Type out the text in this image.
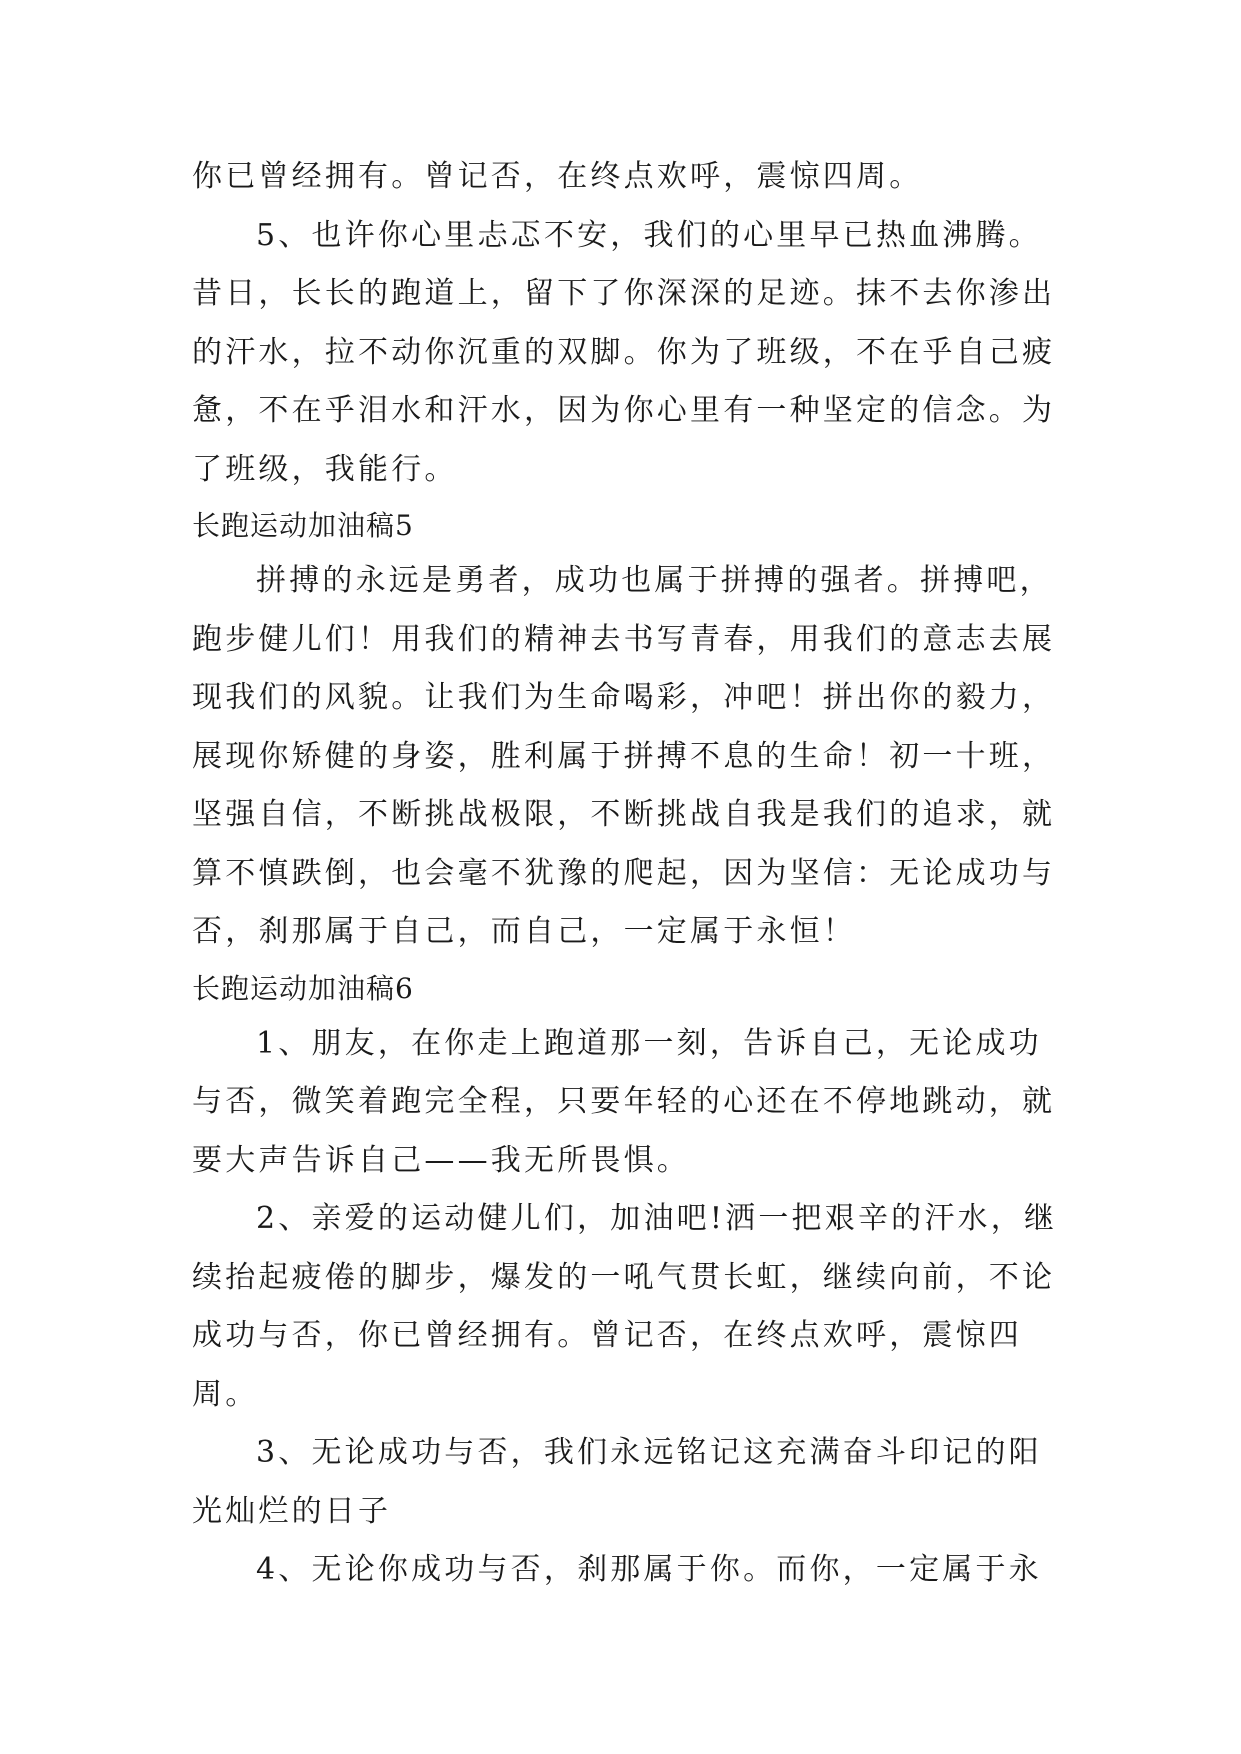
你已曾经拥有。曾记否，在终点欢呼，震惊四周。

5、也许你心里忐忑不安，我们的心里早已热血沸腾。昔日，长长的跑道上，留下了你深深的足迹。抹不去你渗出的汗水，拉不动你沉重的双脚。你为了班级，不在乎自己疲惫，不在乎泪水和汗水，因为你心里有一种坚定的信念。为了班级，我能行。

长跑运动加油稿5

拼搏的永远是勇者，成功也属于拼搏的强者。拼搏吧，跑步健儿们！用我们的精神去书写青春，用我们的意志去展现我们的风貌。让我们为生命喝彩，冲吧！拼出你的毅力，展现你矫健的身姿，胜利属于拼搏不息的生命！初一十班，坚强自信，不断挑战极限，不断挑战自我是我们的追求，就算不慎跌倒，也会毫不犹豫的爬起，因为坚信：无论成功与否，刹那属于自己，而自己，一定属于永恒！

长跑运动加油稿6

1、朋友，在你走上跑道那一刻，告诉自己，无论成功与否，微笑着跑完全程，只要年轻的心还在不停地跳动，就要大声告诉自己——我无所畏惧。

2、亲爱的运动健儿们，加油吧!洒一把艰辛的汗水，继续抬起疲倦的脚步，爆发的一吼气贯长虹，继续向前，不论成功与否，你已曾经拥有。曾记否，在终点欢呼，震惊四周。

3、无论成功与否，我们永远铭记这充满奋斗印记的阳光灿烂的日子

4、无论你成功与否，刹那属于你。而你，一定属于永
